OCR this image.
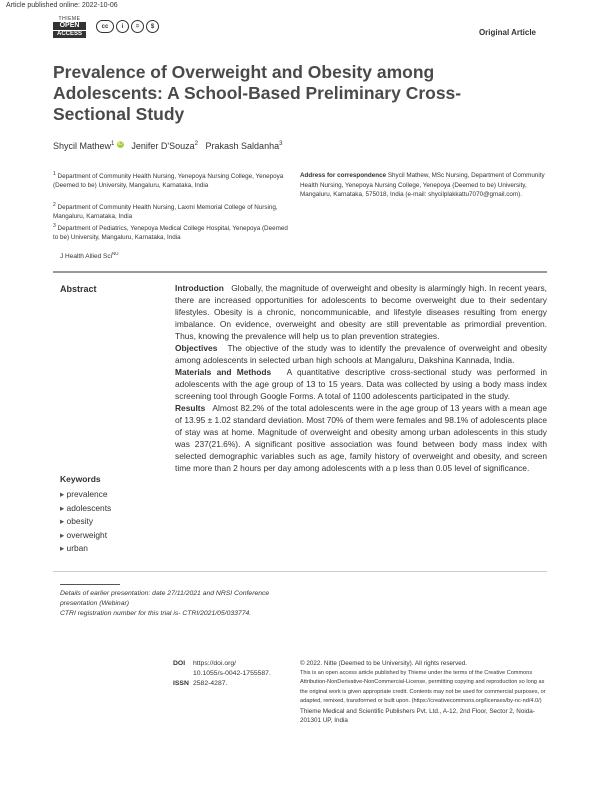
Article published online: 2022-10-06
THIEME
OPEN
ACCESS
cc	i	=	$
Original Article
Prevalence of Overweight and Obesity among Adolescents: A School-Based Preliminary Cross-Sectional Study
Shycil Mathew$^1$ iD Jenifer D'Souza$^2$ Prakash Saldanha$^3$
$^1$ Department of Community Health Nursing, Yenepoya Nursing College, Yenepoya (Deemed to be) University, Mangaluru, Karnataka, India
$^2$ Department of Community Health Nursing, Laxmi Memorial College of Nursing, Mangaluru, Karnataka, India
$^3$ Department of Pediatrics, Yenepoya Medical College Hospital, Yenepoya (Deemed to be) University, Mangaluru, Karnataka, India
Address for correspondence Shycil Mathew, MSc Nursing, Department of Community Health Nursing, Yenepoya Nursing College, Yenepoya (Deemed to be) University, Mangaluru, Karnataka, 575018, India (e-mail: shycilplakkattu7070@gmail.com).
J Health Allied Sci$^{NU}$
Abstract	Introduction Globally, the magnitude of overweight and obesity is alarmingly high. In recent years, there are increased opportunities for adolescents to become overweight due to their sedentary lifestyles. Obesity is a chronic, noncommunicable, and lifestyle diseases resulting from energy imbalance. On evidence, overweight and obesity are still preventable as primordial prevention. Thus, knowing the prevalence will help us to plan prevention strategies.

Objectives The objective of the study was to identify the prevalence of overweight and obesity among adolescents in selected urban high schools at Mangaluru, Dakshina Kannada, India.

Materials and Methods A quantitative descriptive cross-sectional study was performed in adolescents with the age group of 13 to 15 years. Data was collected by using a body mass index screening tool through Google Forms. A total of 1100 adolescents participated in the study.

Results Almost 82.2% of the total adolescents were in the age group of 13 years with a mean age of 13.95 ± 1.02 standard deviation. Most 70% of them were females and 98.1% of adolescents place of stay was at home. Magnitude of overweight and obesity among urban adolescents in this study was 237(21.6%). A significant positive association was found between body mass index with selected demographic variables such as age, family history of overweight and obesity, and screen time more than 2 hours per day among adolescents with a p less than 0.05 level of significance.

Keywords
▸ prevalence
▸ adolescents
▸ obesity
▸ overweight
▸ urban
Details of earlier presentation: date 27/11/2021 and NRSI Conference presentation (Webinar)
CTRI registration number for this trial is- CTRI/2021/05/033774.
DOI https://doi.org/
10.1055/s-0042-1755587.
ISSN 2582-4287.
© 2022. Nitte (Deemed to be University). All rights reserved.
This is an open access article published by Thieme under the terms of the Creative Commons Attribution-NonDerivative-NonCommercial-License, permitting copying and reproduction so long as the original work is given appropriate credit. Contents may not be used for commercial purposes, or adapted, remixed, transformed or built upon. (https://creativecommons.org/licenses/by-nc-nd/4.0/)
Thieme Medical and Scientific Publishers Pvt. Ltd., A-12, 2nd Floor, Sector 2, Noida-201301 UP, India
